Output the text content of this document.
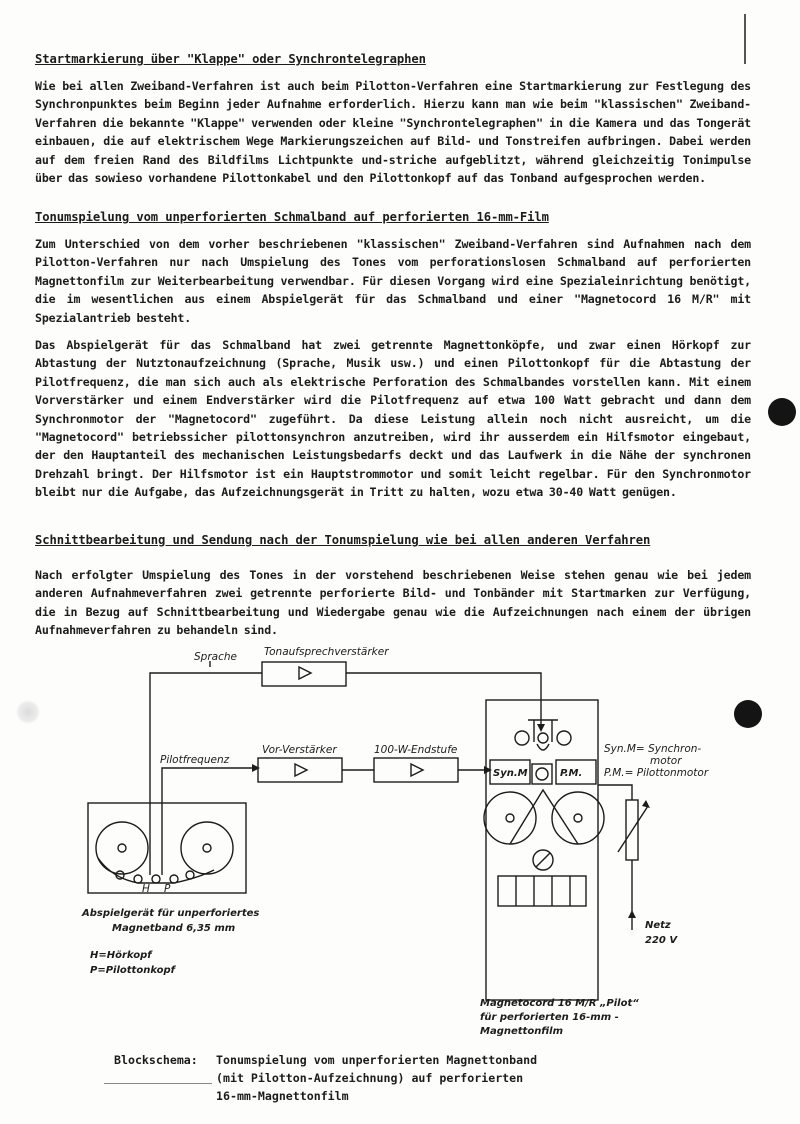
Startmarkierung über "Klappe" oder Synchrontelegraphen

Wie bei allen Zweiband-Verfahren ist auch beim Pilotton-Verfahren eine Startmarkierung zur Festlegung des Synchronpunktes beim Beginn jeder Aufnahme erforderlich. Hierzu kann man wie beim "klassischen" Zweiband-Verfahren die bekannte "Klappe" verwenden oder kleine "Synchrontelegraphen" in die Kamera und das Tongerät einbauen, die auf elektrischem Wege Markierungszeichen auf Bild- und Tonstreifen aufbringen. Dabei werden auf dem freien Rand des Bildfilms Lichtpunkte und-striche aufgeblitzt, während gleichzeitig Tonimpulse über das sowieso vorhandene Pilottonkabel und den Pilottonkopf auf das Tonband aufgesprochen werden.

Tonumspielung vom unperforierten Schmalband auf perforierten 16-mm-Film

Zum Unterschied von dem vorher beschriebenen "klassischen" Zweiband-Verfahren sind Aufnahmen nach dem Pilotton-Verfahren nur nach Umspielung des Tones vom perforationslosen Schmalband auf perforierten Magnettonfilm zur Weiterbearbeitung verwendbar. Für diesen Vorgang wird eine Spezialeinrichtung benötigt, die im wesentlichen aus einem Abspielgerät für das Schmalband und einer "Magnetocord 16 M/R" mit Spezialantrieb besteht.

Das Abspielgerät für das Schmalband hat zwei getrennte Magnettonköpfe, und zwar einen Hörkopf zur Abtastung der Nutztonaufzeichnung (Sprache, Musik usw.) und einen Pilottonkopf für die Abtastung der Pilotfrequenz, die man sich auch als elektrische Perforation des Schmalbandes vorstellen kann. Mit einem Vorverstärker und einem Endverstärker wird die Pilotfrequenz auf etwa 100 Watt gebracht und dann dem Synchronmotor der "Magnetocord" zugeführt. Da diese Leistung allein noch nicht ausreicht, um die "Magnetocord" betriebssicher pilottonsynchron anzutreiben, wird ihr ausserdem ein Hilfsmotor eingebaut, der den Hauptanteil des mechanischen Leistungsbedarfs deckt und das Laufwerk in die Nähe der synchronen Drehzahl bringt. Der Hilfsmotor ist ein Hauptstrommotor und somit leicht regelbar. Für den Synchronmotor bleibt nur die Aufgabe, das Aufzeichnungsgerät in Tritt zu halten, wozu etwa 30-40 Watt genügen.

Schnittbearbeitung und Sendung nach der Tonumspielung wie bei allen anderen Verfahren

Nach erfolgter Umspielung des Tones in der vorstehend beschriebenen Weise stehen genau wie bei jedem anderen Aufnahmeverfahren zwei getrennte perforierte Bild- und Tonbänder mit Startmarken zur Verfügung, die in Bezug auf Schnittbearbeitung und Wiedergabe genau wie die Aufzeichnungen nach einem der übrigen Aufnahmeverfahren zu behandeln sind.

Sprache	Tonaufsprechverstärker
Pilotfrequenz
Vor-Verstärker	100-W-Endstufe
Syn.M	P.M.
Syn.M= Synchron-
motor
P.M.= Pilottonmotor
H P
Abspielgerät für unperforiertes
Magnetband 6,35 mm
H=Hörkopf
P=Pilottonkopf
Netz
220 V
Magnetocord 16 M/R „Pilot“
für perforierten 16-mm -
Magnettonfilm

Blockschema: Tonumspielung vom unperforierten Magnettonband

(mit Pilotton-Aufzeichnung) auf perforierten

16-mm-Magnettonfilm
